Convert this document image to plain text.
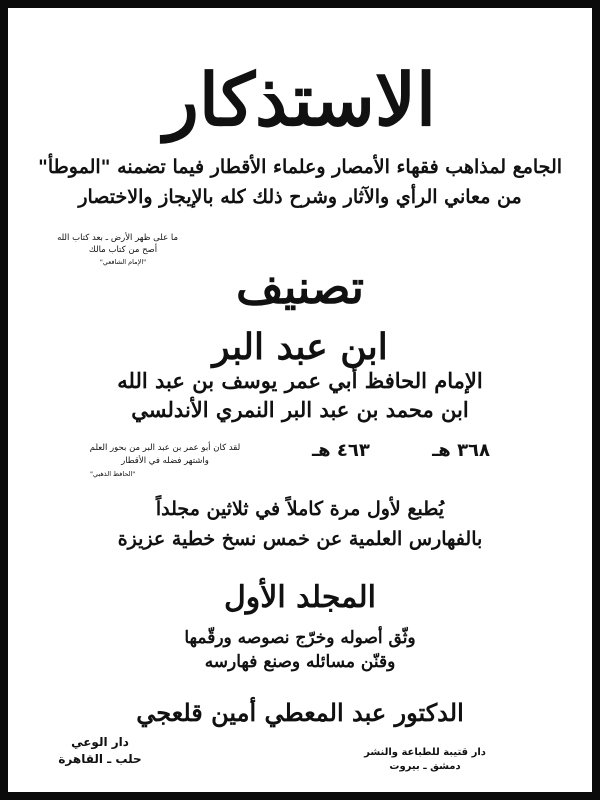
الاستذكار
الجامع لمذاهب فقهاء الأمصار وعلماء الأقطار فيما تضمنه "الموطأ"
من معاني الرأي والآثار وشرح ذلك كله بالإيجاز والاختصار
ما على ظهر الأرض ـ بعد كتاب الله
أصح من كتاب مالك
"الإمام الشافعي"	تصنيف
ابن عبد البر
الإمام الحافظ أبي عمر يوسف بن عبد الله
ابن محمد بن عبد البر النمري الأندلسي
٣٦٨ هـ ٤٦٣ هـ
لقد كان أبو عمر بن عبد البر من بحور العلم
واشتهر فضله في الأقطار
"الحافظ الذهبي"
يُطبع لأول مرة كاملاً في ثلاثين مجلداً
بالفهارس العلمية عن خمس نسخ خطية عزيزة
المجلد الأول
وثّق أصوله وخرّج نصوصه ورقّمها
وقنّن مسائله وصنع فهارسه
الدكتور عبد المعطي أمين قلعجي
دار الوعي
حلب ـ القاهرة	دار قتيبة للطباعة والنشر
دمشق ـ بيروت
